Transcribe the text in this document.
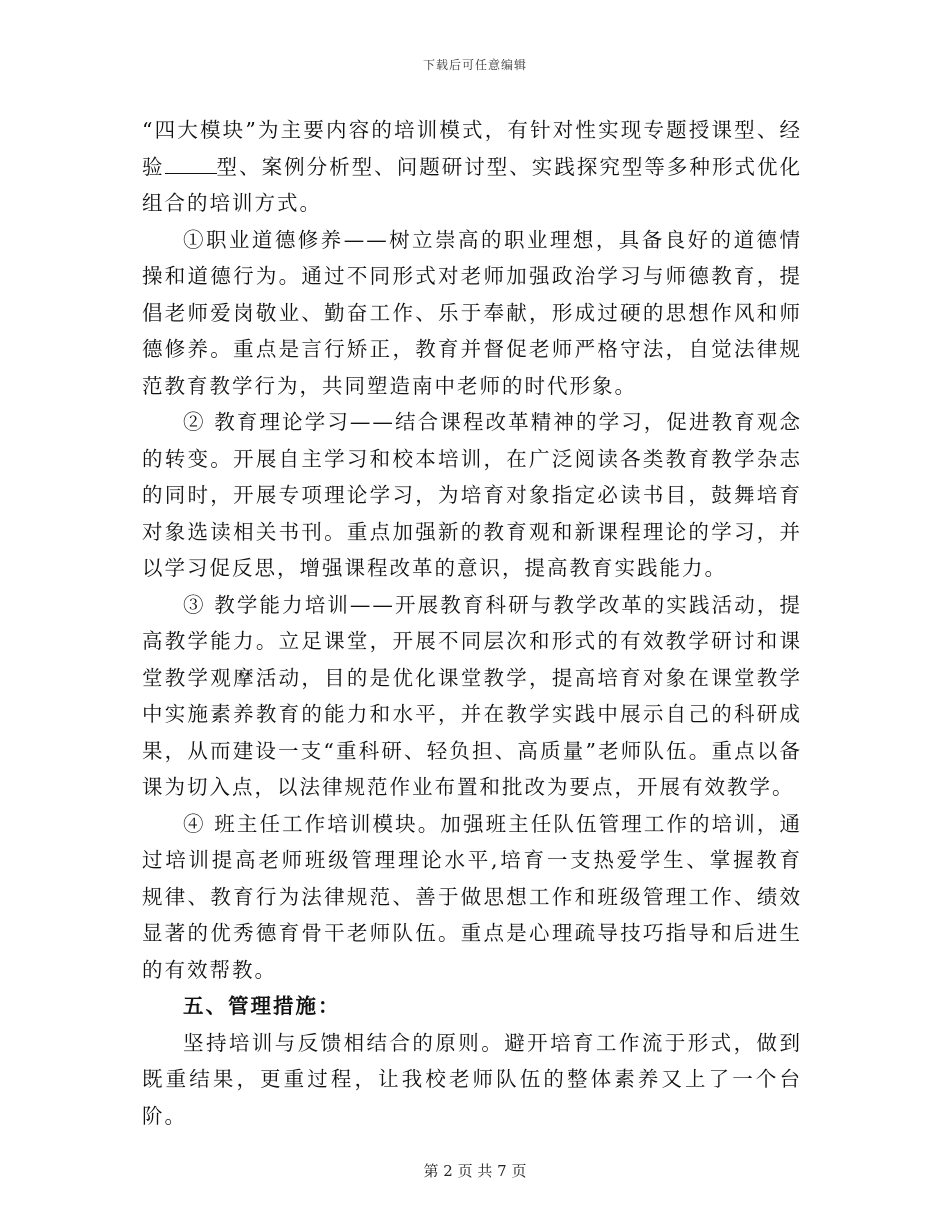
下载后可任意编辑

“四大模块”为主要内容的培训模式，有针对性实现专题授课型、经验	型、案例分析型、问题研讨型、实践探究型等多种形式优化组合的培训方式。

①职业道德修养——树立崇高的职业理想，具备良好的道德情操和道德行为。通过不同形式对老师加强政治学习与师德教育，提倡老师爱岗敬业、勤奋工作、乐于奉献，形成过硬的思想作风和师德修养。重点是言行矫正，教育并督促老师严格守法，自觉法律规范教育教学行为，共同塑造南中老师的时代形象。

② 教育理论学习——结合课程改革精神的学习，促进教育观念的转变。开展自主学习和校本培训，在广泛阅读各类教育教学杂志的同时，开展专项理论学习，为培育对象指定必读书目，鼓舞培育对象选读相关书刊。重点加强新的教育观和新课程理论的学习，并以学习促反思，增强课程改革的意识，提高教育实践能力。

③ 教学能力培训——开展教育科研与教学改革的实践活动，提高教学能力。立足课堂，开展不同层次和形式的有效教学研讨和课堂教学观摩活动，目的是优化课堂教学，提高培育对象在课堂教学中实施素养教育的能力和水平，并在教学实践中展示自己的科研成果，从而建设一支“重科研、轻负担、高质量”老师队伍。重点以备课为切入点，以法律规范作业布置和批改为要点，开展有效教学。

④ 班主任工作培训模块。加强班主任队伍管理工作的培训，通过培训提高老师班级管理理论水平,培育一支热爱学生、掌握教育规律、教育行为法律规范、善于做思想工作和班级管理工作、绩效显著的优秀德育骨干老师队伍。重点是心理疏导技巧指导和后进生的有效帮教。

五、管理措施：

坚持培训与反馈相结合的原则。避开培育工作流于形式，做到既重结果，更重过程，让我校老师队伍的整体素养又上了一个台阶。

第 2 页 共 7 页
